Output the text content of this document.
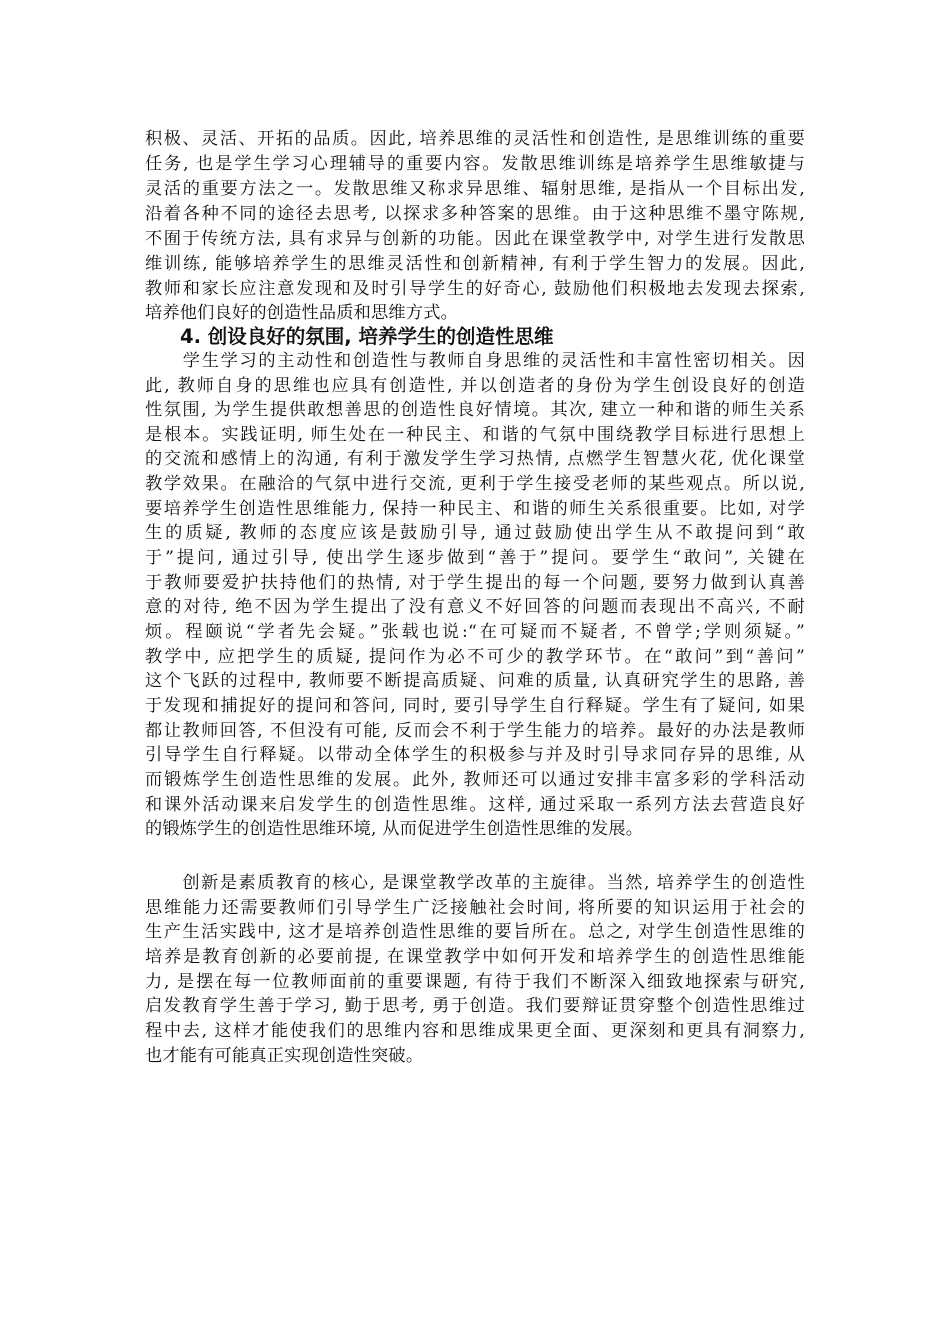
积极、灵活、开拓的品质。因此, 培养思维的灵活性和创造性, 是思维训练的重要
任务, 也是学生学习心理辅导的重要内容。发散思维训练是培养学生思维敏捷与
灵活的重要方法之一。发散思维又称求异思维、辐射思维, 是指从一个目标出发,
沿着各种不同的途径去思考, 以探求多种答案的思维。由于这种思维不墨守陈规,
不囿于传统方法, 具有求异与创新的功能。因此在课堂教学中, 对学生进行发散思
维训练, 能够培养学生的思维灵活性和创新精神, 有利于学生智力的发展。因此,
教师和家长应注意发现和及时引导学生的好奇心, 鼓励他们积极地去发现去探索,
培养他们良好的创造性品质和思维方式。
4. 创设良好的氛围, 培养学生的创造性思维
　　学生学习的主动性和创造性与教师自身思维的灵活性和丰富性密切相关。因
此, 教师自身的思维也应具有创造性, 并以创造者的身份为学生创设良好的创造
性氛围, 为学生提供敢想善思的创造性良好情境。其次, 建立一种和谐的师生关系
是根本。实践证明, 师生处在一种民主、和谐的气氛中围绕教学目标进行思想上
的交流和感情上的沟通, 有利于激发学生学习热情, 点燃学生智慧火花, 优化课堂
教学效果。在融洽的气氛中进行交流, 更利于学生接受老师的某些观点。所以说,
要培养学生创造性思维能力, 保持一种民主、和谐的师生关系很重要。比如, 对学
生的质疑, 教师的态度应该是鼓励引导, 通过鼓励使出学生从不敢提问到“敢
于”提问, 通过引导, 使出学生逐步做到“善于”提问。要学生“敢问”, 关键在
于教师要爱护扶持他们的热情, 对于学生提出的每一个问题, 要努力做到认真善
意的对待, 绝不因为学生提出了没有意义不好回答的问题而表现出不高兴, 不耐
烦。程颐说“学者先会疑。”张载也说:“在可疑而不疑者, 不曾学;学则须疑。”
教学中, 应把学生的质疑, 提问作为必不可少的教学环节。在“敢问”到“善问”
这个飞跃的过程中, 教师要不断提高质疑、问难的质量, 认真研究学生的思路, 善
于发现和捕捉好的提问和答问, 同时, 要引导学生自行释疑。学生有了疑问, 如果
都让教师回答, 不但没有可能, 反而会不利于学生能力的培养。最好的办法是教师
引导学生自行释疑。以带动全体学生的积极参与并及时引导求同存异的思维, 从
而锻炼学生创造性思维的发展。此外, 教师还可以通过安排丰富多彩的学科活动
和课外活动课来启发学生的创造性思维。这样, 通过采取一系列方法去营造良好
的锻炼学生的创造性思维环境, 从而促进学生创造性思维的发展。
　　创新是素质教育的核心, 是课堂教学改革的主旋律。当然, 培养学生的创造性
思维能力还需要教师们引导学生广泛接触社会时间, 将所要的知识运用于社会的
生产生活实践中, 这才是培养创造性思维的要旨所在。总之, 对学生创造性思维的
培养是教育创新的必要前提, 在课堂教学中如何开发和培养学生的创造性思维能
力, 是摆在每一位教师面前的重要课题, 有待于我们不断深入细致地探索与研究,
启发教育学生善于学习, 勤于思考, 勇于创造。我们要辩证贯穿整个创造性思维过
程中去, 这样才能使我们的思维内容和思维成果更全面、更深刻和更具有洞察力,
也才能有可能真正实现创造性突破。
